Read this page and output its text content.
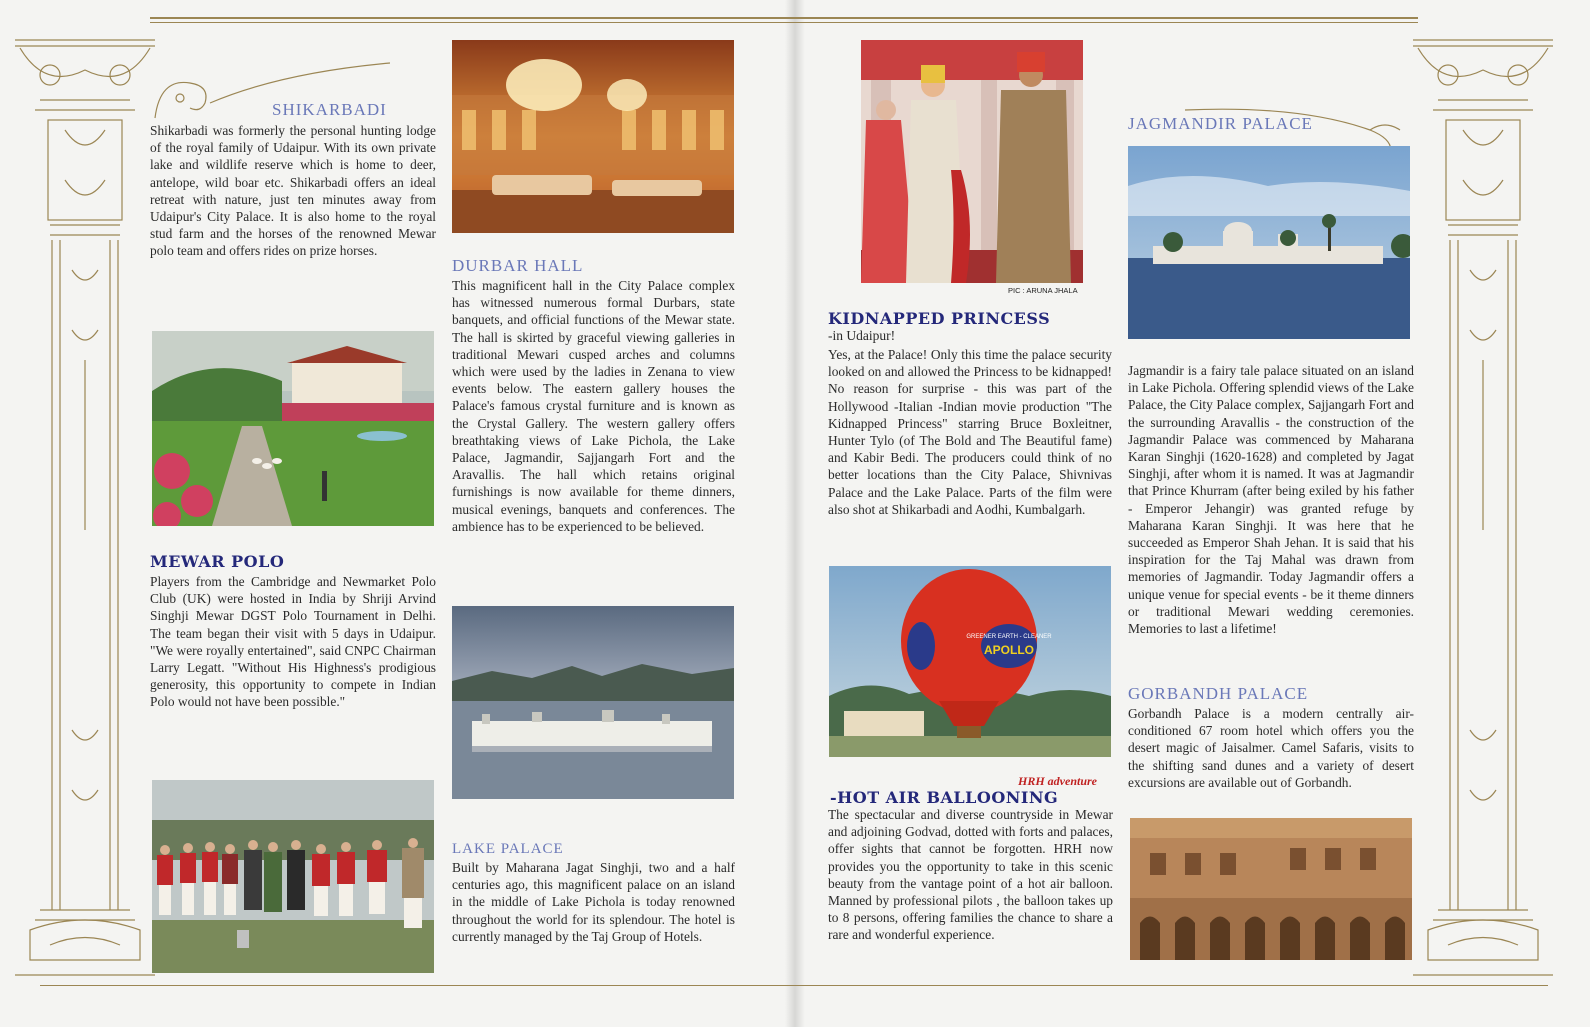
SHIKARBADI
Shikarbadi was formerly the personal hunting lodge of the royal family of Udaipur. With its own private lake and wildlife reserve which is home to deer, antelope, wild boar etc. Shikarbadi offers an ideal retreat with nature, just ten minutes away from Udaipur's City Palace. It is also home to the royal stud farm and the horses of the renowned Mewar polo team and offers rides on prize horses.
DURBAR HALL
This magnificent hall in the City Palace complex has witnessed numerous formal Durbars, state banquets, and official functions of the Mewar state. The hall is skirted by graceful viewing galleries in traditional Mewari cusped arches and columns which were used by the ladies in Zenana to view events below. The eastern gallery houses the Palace's famous crystal furniture and is known as the Crystal Gallery. The western gallery offers breathtaking views of Lake Pichola, the Lake Palace, Jagmandir, Sajjangarh Fort and the Aravallis. The hall which retains original furnishings is now available for theme dinners, musical evenings, banquets and conferences. The ambience has to be experienced to be believed.
MEWAR POLO
Players from the Cambridge and Newmarket Polo Club (UK) were hosted in India by Shriji Arvind Singhji Mewar DGST Polo Tournament in Delhi. The team began their visit with 5 days in Udaipur. "We were royally entertained", said CNPC Chairman Larry Legatt. "Without His Highness's prodigious generosity, this opportunity to compete in Indian Polo would not have been possible."
LAKE PALACE
Built by Maharana Jagat Singhji, two and a half centuries ago, this magnificent palace on an island in the middle of Lake Pichola is today renowned throughout the world for its splendour. The hotel is currently managed by the Taj Group of Hotels.
PIC : ARUNA JHALA
KIDNAPPED PRINCESS
-in Udaipur!
Yes, at the Palace! Only this time the palace security looked on and allowed the Princess to be kidnapped! No reason for surprise - this was part of the Hollywood -Italian -Indian movie production "The Kidnapped Princess" starring Bruce Boxleitner, Hunter Tylo (of The Bold and The Beautiful fame) and Kabir Bedi. The producers could think of no better locations than the City Palace, Shivnivas Palace and the Lake Palace. Parts of the film were also shot at Shikarbadi and Aodhi, Kumbalgarh.
GREENER EARTH - CLEANER
APOLLO
HRH adventure
-HOT AIR BALLOONING
The spectacular and diverse countryside in Mewar and adjoining Godvad, dotted with forts and palaces, offer sights that cannot be forgotten. HRH now provides you the opportunity to take in this scenic beauty from the vantage point of a hot air balloon. Manned by professional pilots , the balloon takes up to 8 persons, offering families the chance to share a rare and wonderful experience.
JAGMANDIR PALACE
Jagmandir is a fairy tale palace situated on an island in Lake Pichola. Offering splendid views of the Lake Palace, the City Palace complex, Sajjangarh Fort and the surrounding Aravallis - the construction of the Jagmandir Palace was commenced by Maharana Karan Singhji (1620-1628) and completed by Jagat Singhji, after whom it is named. It was at Jagmandir that Prince Khurram (after being exiled by his father - Emperor Jehangir) was granted refuge by Maharana Karan Singhji. It was here that he succeeded as Emperor Shah Jehan. It is said that his inspiration for the Taj Mahal was drawn from memories of Jagmandir. Today Jagmandir offers a unique venue for special events - be it theme dinners or traditional Mewari wedding ceremonies. Memories to last a lifetime!
GORBANDH PALACE
Gorbandh Palace is a modern centrally air-conditioned 67 room hotel which offers you the desert magic of Jaisalmer. Camel Safaris, visits to the shifting sand dunes and a variety of desert excursions are available out of Gorbandh.
